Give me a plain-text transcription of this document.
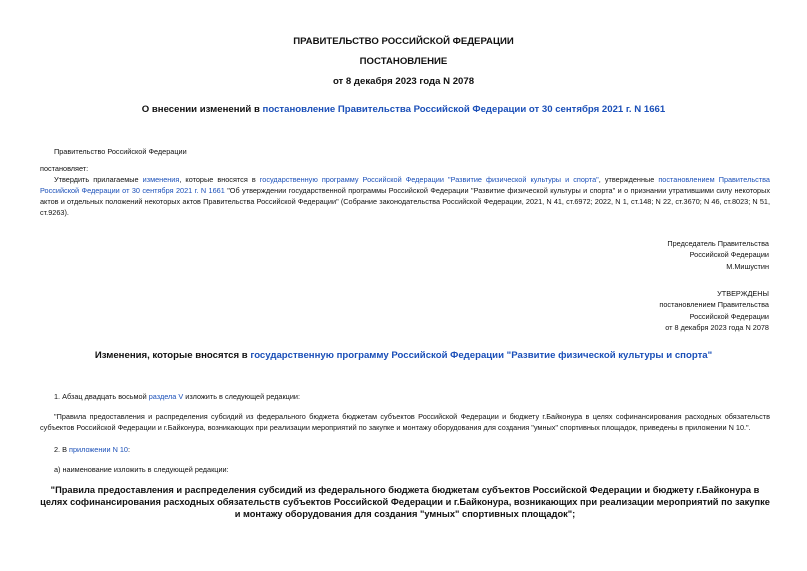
ПРАВИТЕЛЬСТВО РОССИЙСКОЙ ФЕДЕРАЦИИ
ПОСТАНОВЛЕНИЕ
от 8 декабря 2023 года N 2078
О внесении изменений в постановление Правительства Российской Федерации от 30 сентября 2021 г. N 1661
Правительство Российской Федерации
постановляет:
Утвердить прилагаемые изменения, которые вносятся в государственную программу Российской Федерации "Развитие физической культуры и спорта", утвержденные постановлением Правительства Российской Федерации от 30 сентября 2021 г. N 1661 "Об утверждении государственной программы Российской Федерации "Развитие физической культуры и спорта" и о признании утратившими силу некоторых актов и отдельных положений некоторых актов Правительства Российской Федерации" (Собрание законодательства Российской Федерации, 2021, N 41, ст.6972; 2022, N 1, ст.148; N 22, ст.3670; N 46, ст.8023; N 51, ст.9263).
Председатель Правительства
Российской Федерации
М.Мишустин
УТВЕРЖДЕНЫ
постановлением Правительства
Российской Федерации
от 8 декабря 2023 года N 2078
Изменения, которые вносятся в государственную программу Российской Федерации "Развитие физической культуры и спорта"
1. Абзац двадцать восьмой раздела V изложить в следующей редакции:
"Правила предоставления и распределения субсидий из федерального бюджета бюджетам субъектов Российской Федерации и бюджету г.Байконура в целях софинансирования расходных обязательств субъектов Российской Федерации и г.Байконура, возникающих при реализации мероприятий по закупке и монтажу оборудования для создания "умных" спортивных площадок, приведены в приложении N 10.".
2. В приложении N 10:
а) наименование изложить в следующей редакции:
"Правила предоставления и распределения субсидий из федерального бюджета бюджетам субъектов Российской Федерации и бюджету г.Байконура в целях софинансирования расходных обязательств субъектов Российской Федерации и г.Байконура, возникающих при реализации мероприятий по закупке и монтажу оборудования для создания "умных" спортивных площадок";
